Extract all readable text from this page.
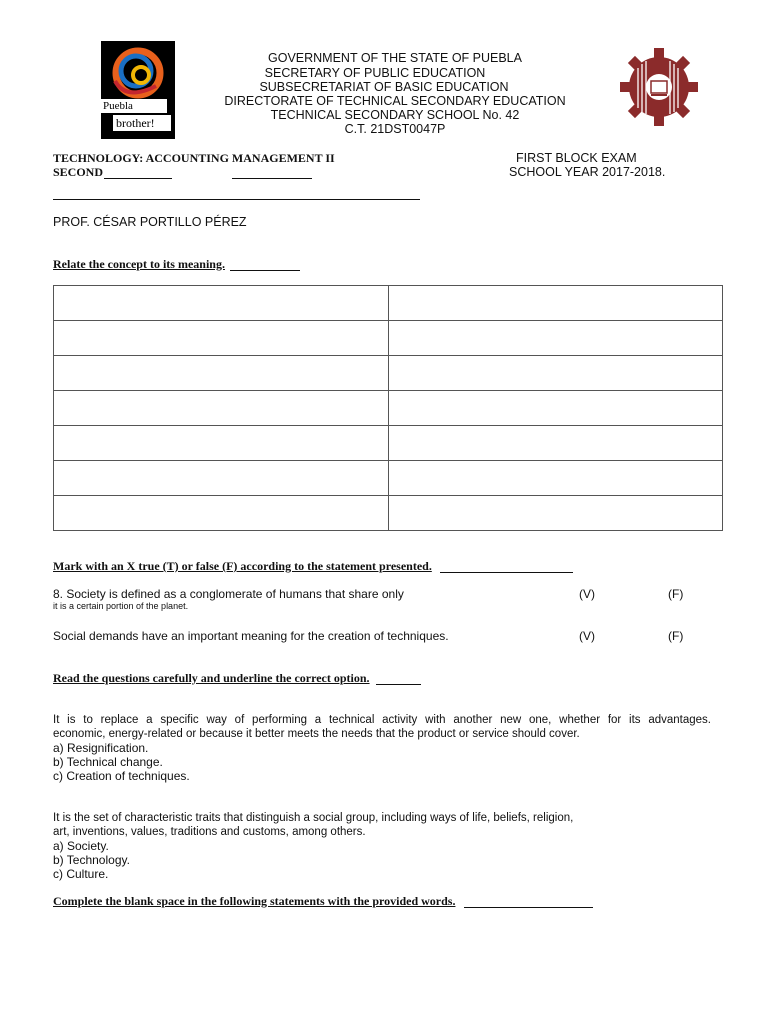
Puebla
brother!
GOVERNMENT OF THE STATE OF PUEBLA
SECRETARY OF PUBLIC EDUCATION
SUBSECRETARIAT OF BASIC EDUCATION
DIRECTORATE OF TECHNICAL SECONDARY EDUCATION
TECHNICAL SECONDARY SCHOOL No. 42
C.T. 21DST0047P
TECHNOLOGY: ACCOUNTING MANAGEMENT II	FIRST BLOCK EXAM
SECOND	SCHOOL YEAR 2017-2018.
PROF. CÉSAR PORTILLO PÉREZ
Relate the concept to its meaning.

Mark with an X true (T) or false (F) according to the statement presented.
8. Society is defined as a conglomerate of humans that share only
it is a certain portion of the planet.
(V)	(F)
Social demands have an important meaning for the creation of techniques.	(V)	(F)
Read the questions carefully and underline the correct option.
It is to replace a specific way of performing a technical activity with another new one, whether for its advantages.
economic, energy-related or because it better meets the needs that the product or service should cover.
a) Resignification.
b) Technical change.
c) Creation of techniques.
It is the set of characteristic traits that distinguish a social group, including ways of life, beliefs, religion,
art, inventions, values, traditions and customs, among others.
a) Society.
b) Technology.
c) Culture.
Complete the blank space in the following statements with the provided words.
